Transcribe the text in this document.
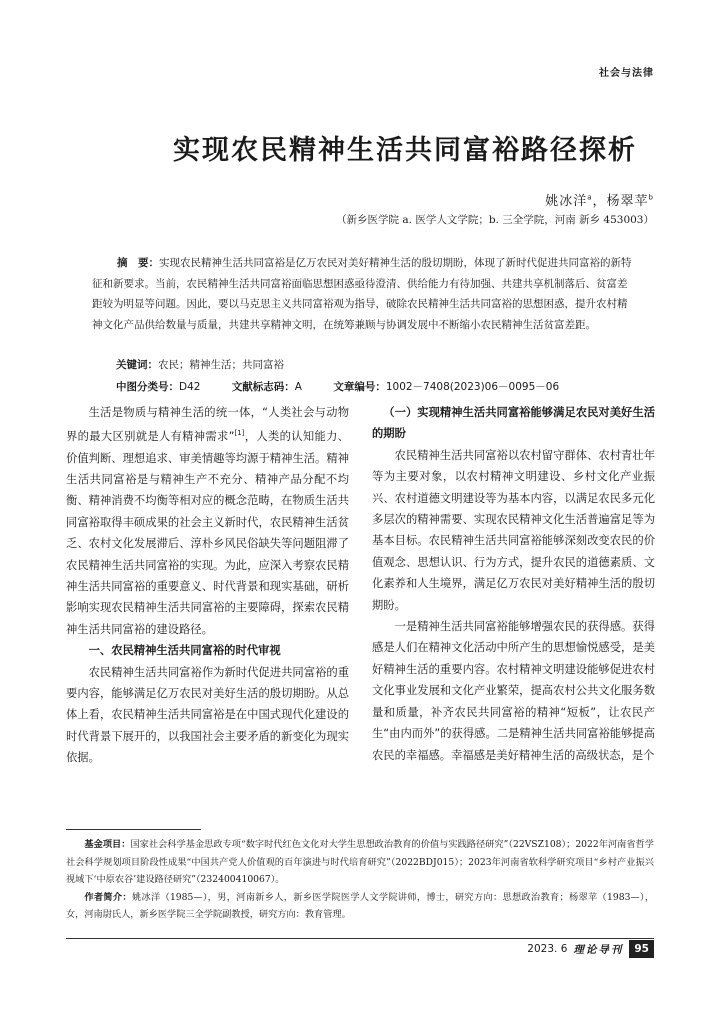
社会与法律
实现农民精神生活共同富裕路径探析
姚冰洋$^a$，杨翠苹$^b$
（新乡医学院 a. 医学人文学院；b. 三全学院，河南 新乡 453003）
摘　要：实现农民精神生活共同富裕是亿万农民对美好精神生活的殷切期盼，体现了新时代促进共同富裕的新特征和新要求。当前，农民精神生活共同富裕面临思想困惑亟待澄清、供给能力有待加强、共建共享机制落后、贫富差距较为明显等问题。因此，要以马克思主义共同富裕观为指导，破除农民精神生活共同富裕的思想困惑，提升农村精神文化产品供给数量与质量，共建共享精神文明，在统筹兼顾与协调发展中不断缩小农民精神生活贫富差距。
关键词：农民；精神生活；共同富裕
中图分类号：D42	文献标志码：A	文章编号：1002－7408(2023)06－0095－06

生活是物质与精神生活的统一体，“人类社会与动物界的最大区别就是人有精神需求”[1]，人类的认知能力、价值判断、理想追求、审美情趣等均源于精神生活。精神生活共同富裕是与精神生产不充分、精神产品分配不均衡、精神消费不均衡等相对应的概念范畴，在物质生活共同富裕取得丰硕成果的社会主义新时代，农民精神生活贫乏、农村文化发展滞后、淳朴乡风民俗缺失等问题阻滞了农民精神生活共同富裕的实现。为此，应深入考察农民精神生活共同富裕的重要意义、时代背景和现实基础，研析影响实现农民精神生活共同富裕的主要障碍，探索农民精神生活共同富裕的建设路径。

一、农民精神生活共同富裕的时代审视

农民精神生活共同富裕作为新时代促进共同富裕的重要内容，能够满足亿万农民对美好生活的殷切期盼。从总体上看，农民精神生活共同富裕是在中国式现代化建设的时代背景下展开的，以我国社会主要矛盾的新变化为现实依据。

（一）实现精神生活共同富裕能够满足农民对美好生活的期盼

农民精神生活共同富裕以农村留守群体、农村青壮年等为主要对象，以农村精神文明建设、乡村文化产业振兴、农村道德文明建设等为基本内容，以满足农民多元化多层次的精神需要、实现农民精神文化生活普遍富足等为基本目标。农民精神生活共同富裕能够深刻改变农民的价值观念、思想认识、行为方式，提升农民的道德素质、文化素养和人生境界，满足亿万农民对美好精神生活的殷切期盼。

一是精神生活共同富裕能够增强农民的获得感。获得感是人们在精神文化活动中所产生的思想愉悦感受，是美好精神生活的重要内容。农村精神文明建设能够促进农村文化事业发展和文化产业繁荣，提高农村公共文化服务数量和质量，补齐农民共同富裕的精神“短板”，让农民产生“由内而外”的获得感。二是精神生活共同富裕能够提高农民的幸福感。幸福感是美好精神生活的高级状态，是个

基金项目：国家社会科学基金思政专项“数字时代红色文化对大学生思想政治教育的价值与实践路径研究”（22VSZ108）；2022年河南省哲学社会科学规划项目阶段性成果“中国共产党人价值观的百年演进与时代培育研究”（2022BDJ015）；2023年河南省软科学研究项目“乡村产业振兴视域下‘中原农谷’建设路径研究”（232400410067）。

作者简介：姚冰洋（1985—），男，河南新乡人，新乡医学院医学人文学院讲师，博士，研究方向：思想政治教育；杨翠苹（1983—），女，河南尉氏人，新乡医学院三全学院副教授，研究方向：教育管理。

2023. 6 理论导刊	95
